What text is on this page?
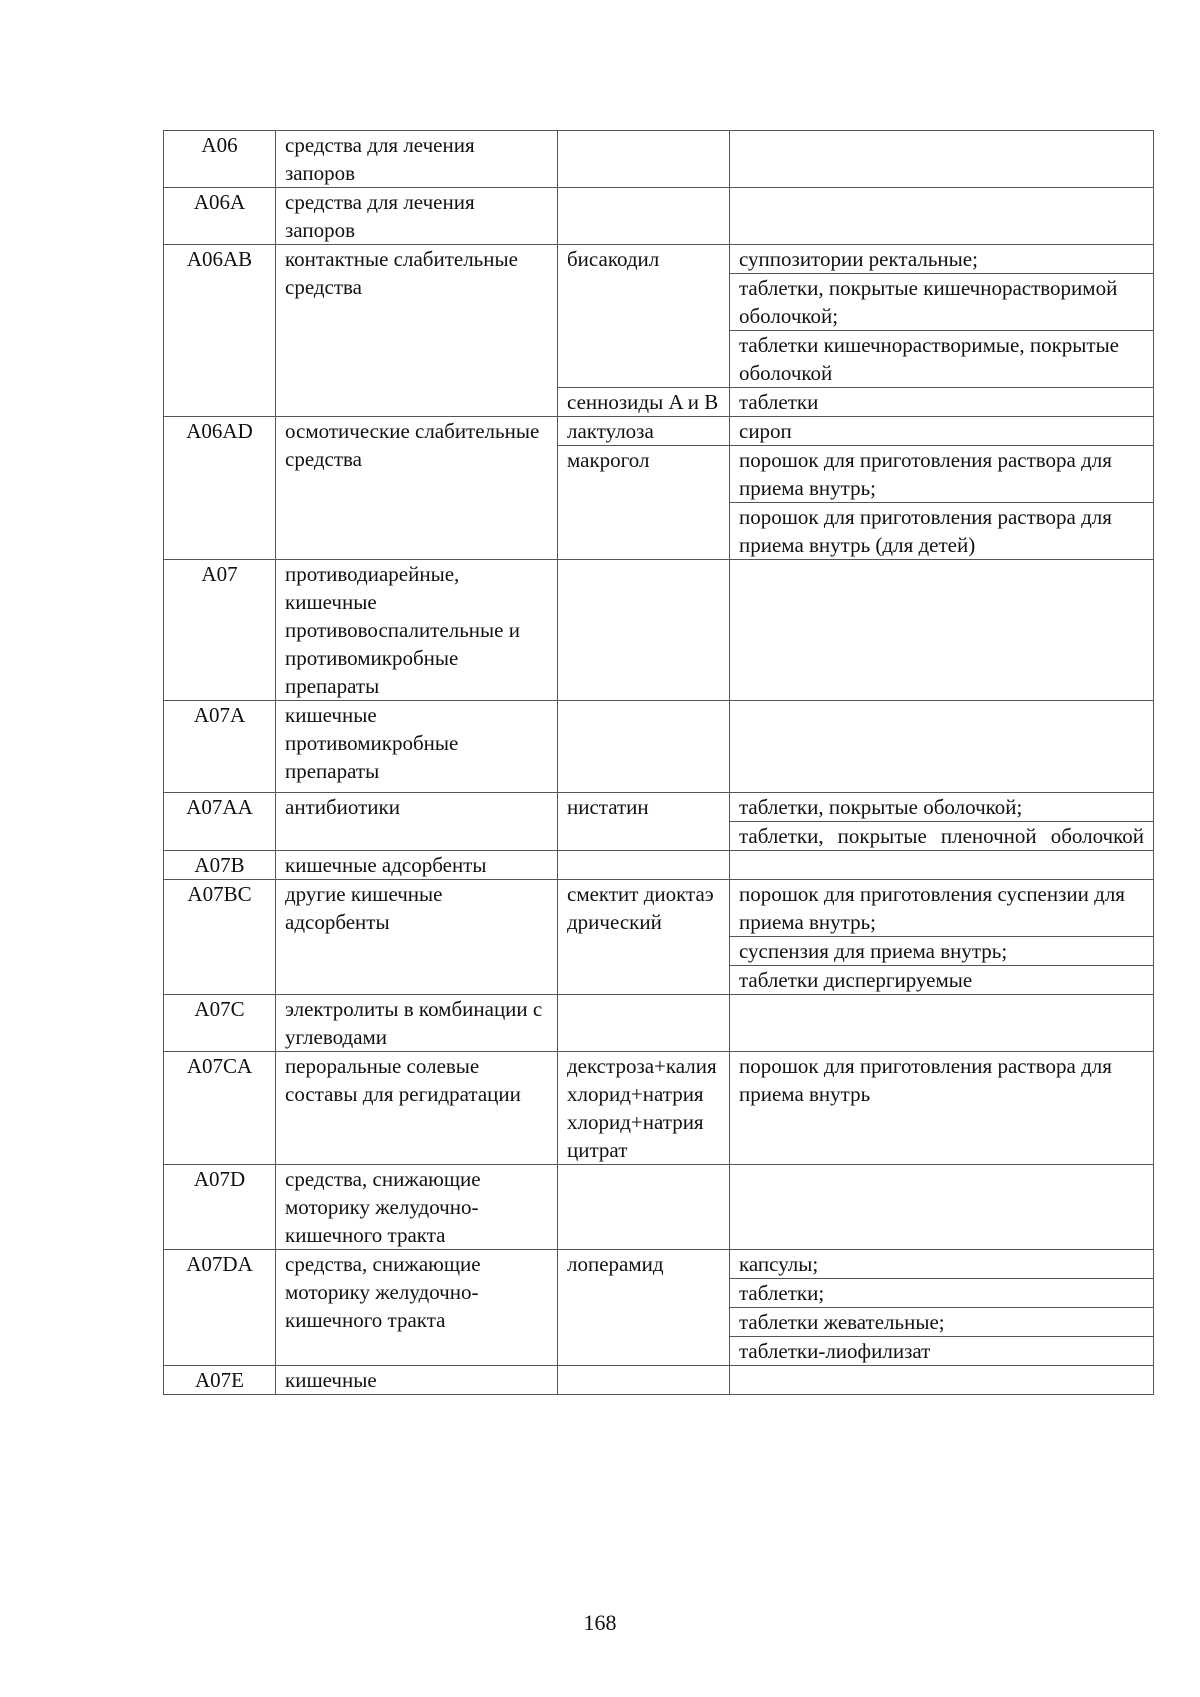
A06	средства для лечения запоров		
A06A	средства для лечения запоров		
A06AB	контактные слабительные средства	бисакодил	суппозитории ректальные;
таблетки, покрытые кишечнорастворимой оболочкой;
таблетки кишечнорастворимые, покрытые оболочкой

		сеннозиды A и B	таблетки

A06AD	осмотические слабительные средства	лактулоза	сироп

		макрогол	порошок для приготовления раствора для приема внутрь;
порошок для приготовления раствора для приема внутрь (для детей)

A07	противодиарейные, кишечные противовоспалительные и противомикробные препараты		
A07A	кишечные противомикробные препараты		
A07AA	антибиотики	нистатин	таблетки, покрытые оболочкой;
таблетки, покрытые пленочной оболочкой

A07B	кишечные адсорбенты		
A07BC	другие кишечные адсорбенты	смектит диоктаэдрический	порошок для приготовления суспензии для приема внутрь;
суспензия для приема внутрь;
таблетки диспергируемые

A07C	электролиты в комбинации с углеводами		
A07CA	пероральные солевые составы для регидратации	декстроза+калия
хлорид+натрия
хлорид+натрия цитрат	порошок для приготовления раствора для приема внутрь

A07D	средства, снижающие моторику желудочно-кишечного тракта		
A07DA	средства, снижающие моторику желудочно-кишечного тракта	лоперамид	капсулы;
таблетки;
таблетки жевательные;
таблетки-лиофилизат

A07E	кишечные		
168
